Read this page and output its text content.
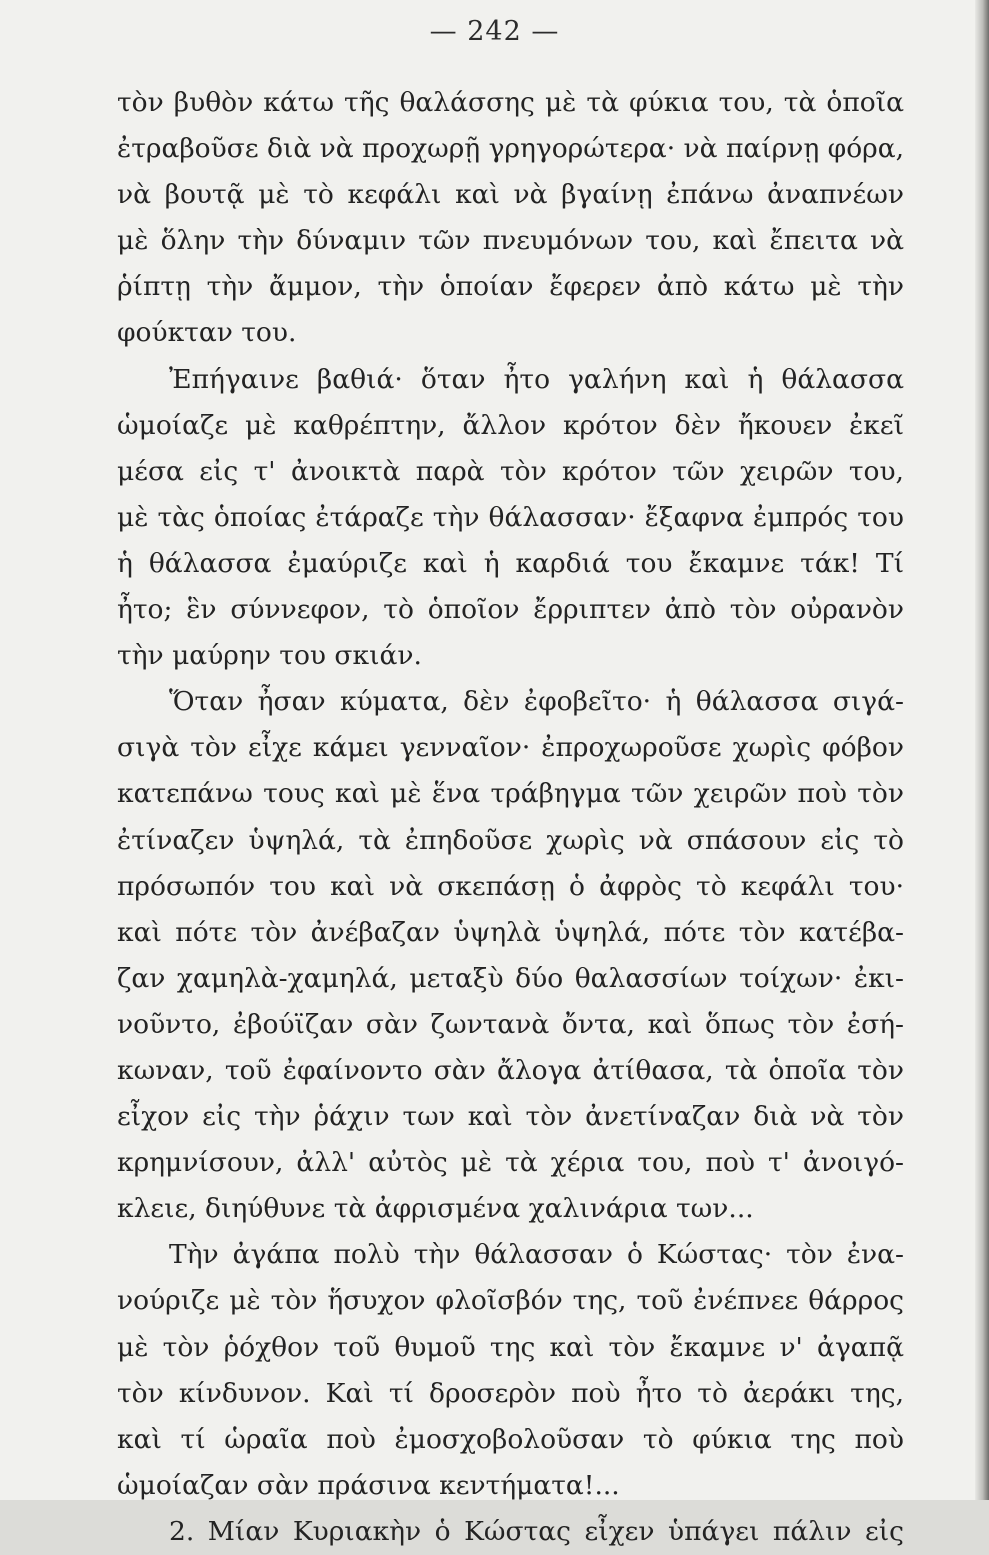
— 242 —
τὸν βυθὸν κάτω τῆς θαλάσσης μὲ τὰ φύκια του, τὰ ὁποῖα
ἐτραβοῦσε διὰ νὰ προχωρῇ γρηγορώτερα· νὰ παίρνῃ φόρα,
νὰ βουτᾷ μὲ τὸ κεφάλι καὶ νὰ βγαίνῃ ἐπάνω ἀναπνέων
μὲ ὅλην τὴν δύναμιν τῶν πνευμόνων του, καὶ ἔπειτα νὰ
ῥίπτῃ τὴν ἄμμον, τὴν ὁποίαν ἔφερεν ἀπὸ κάτω μὲ τὴν
φούκταν του.
Ἐπήγαινε βαθιά· ὅταν ἦτο γαλήνη καὶ ἡ θάλασσα
ὡμοίαζε μὲ καθρέπτην, ἄλλον κρότον δὲν ἤκουεν ἐκεῖ
μέσα εἰς τ' ἀνοικτὰ παρὰ τὸν κρότον τῶν χειρῶν του,
μὲ τὰς ὁποίας ἐτάραζε τὴν θάλασσαν· ἔξαφνα ἐμπρός του
ἡ θάλασσα ἐμαύριζε καὶ ἡ καρδιά του ἔκαμνε τάκ! Τί
ἦτο; ἓν σύννεφον, τὸ ὁποῖον ἔρριπτεν ἀπὸ τὸν οὐρανὸν
τὴν μαύρην του σκιάν.
Ὅταν ἦσαν κύματα, δὲν ἐφοβεῖτο· ἡ θάλασσα σιγά-
σιγὰ τὸν εἶχε κάμει γενναῖον· ἐπροχωροῦσε χωρὶς φόβον
κατεπάνω τους καὶ μὲ ἕνα τράβηγμα τῶν χειρῶν ποὺ τὸν
ἐτίναζεν ὑψηλά, τὰ ἐπηδοῦσε χωρὶς νὰ σπάσουν εἰς τὸ
πρόσωπόν του καὶ νὰ σκεπάσῃ ὁ ἀφρὸς τὸ κεφάλι του·
καὶ πότε τὸν ἀνέβαζαν ὑψηλὰ ὑψηλά, πότε τὸν κατέβα-
ζαν χαμηλὰ-χαμηλά, μεταξὺ δύο θαλασσίων τοίχων· ἐκι-
νοῦντο, ἐβούϊζαν σὰν ζωντανὰ ὄντα, καὶ ὅπως τὸν ἐσή-
κωναν, τοῦ ἐφαίνοντο σὰν ἄλογα ἀτίθασα, τὰ ὁποῖα τὸν
εἶχον εἰς τὴν ῥάχιν των καὶ τὸν ἀνετίναζαν διὰ νὰ τὸν
κρημνίσουν, ἀλλ' αὐτὸς μὲ τὰ χέρια του, ποὺ τ' ἀνοιγό-
κλειε, διηύθυνε τὰ ἀφρισμένα χαλινάρια των...
Τὴν ἀγάπα πολὺ τὴν θάλασσαν ὁ Κώστας· τὸν ἐνα-
νούριζε μὲ τὸν ἥσυχον φλοῖσβόν της, τοῦ ἐνέπνεε θάρρος
μὲ τὸν ῥόχθον τοῦ θυμοῦ της καὶ τὸν ἔκαμνε ν' ἀγαπᾷ
τὸν κίνδυνον. Καὶ τί δροσερὸν ποὺ ἦτο τὸ ἀεράκι της,
καὶ τί ὡραῖα ποὺ ἐμοσχοβολοῦσαν τὸ φύκια της ποὺ
ὡμοίαζαν σὰν πράσινα κεντήματα!...
2. Μίαν Κυριακὴν ὁ Κώστας εἶχεν ὑπάγει πάλιν εἰς
